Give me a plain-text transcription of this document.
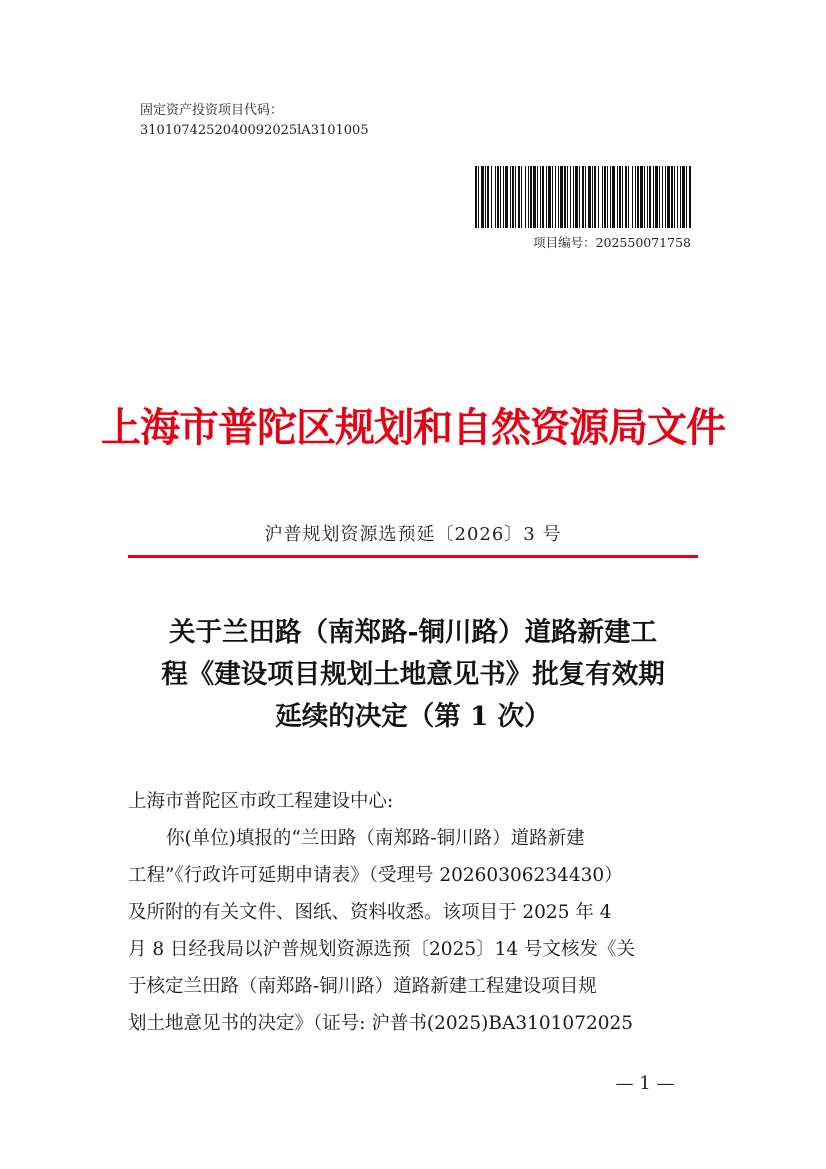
固定资产投资项目代码：
3101074252040092025lA3101005
项目编号：202550071758
上海市普陀区规划和自然资源局文件
沪普规划资源选预延〔2026〕3 号
关于兰田路（南郑路-铜川路）道路新建工
程《建设项目规划土地意见书》批复有效期
延续的决定（第 1 次）
上海市普陀区市政工程建设中心:
你(单位)填报的“兰田路（南郑路-铜川路）道路新建
工程”《行政许可延期申请表》（受理号 20260306234430）
及所附的有关文件、图纸、资料收悉。该项目于 2025 年 4
月 8 日经我局以沪普规划资源选预〔2025〕14 号文核发《关
于核定兰田路（南郑路-铜川路）道路新建工程建设项目规
划土地意见书的决定》（证号: 沪普书(2025)BA3101072025
— 1 —
